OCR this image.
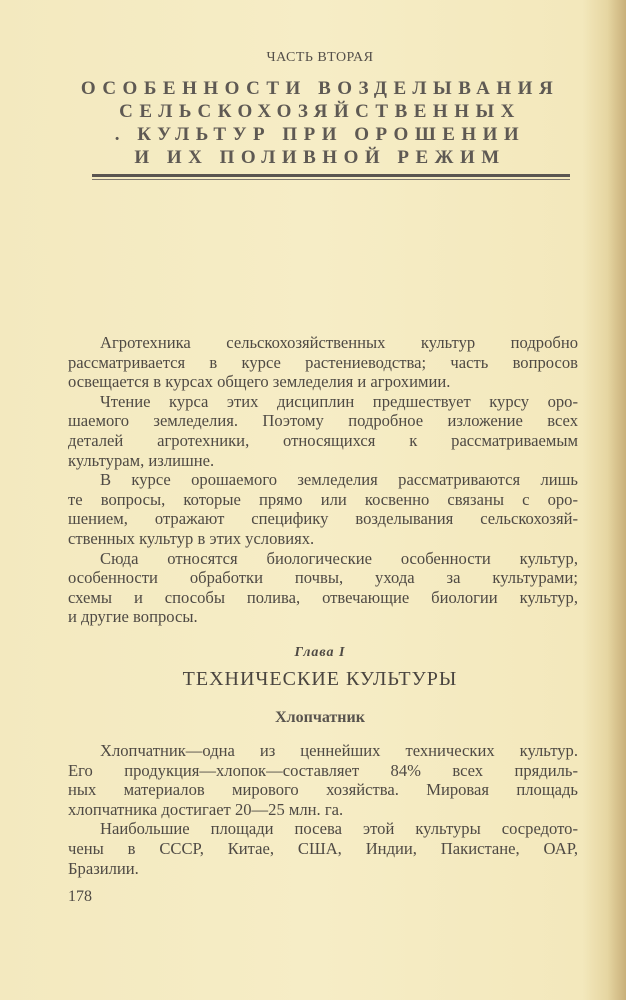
ЧАСТЬ ВТОРАЯ
ОСОБЕННОСТИ ВОЗДЕЛЫВАНИЯ
СЕЛЬСКОХОЗЯЙСТВЕННЫХ
. КУЛЬТУР ПРИ ОРОШЕНИИ
И ИХ ПОЛИВНОЙ РЕЖИМ
Агротехника сельскохозяйственных культур подробно
рассматривается в курсе растениеводства; часть вопросов
освещается в курсах общего земледелия и агрохимии.
Чтение курса этих дисциплин предшествует курсу оро-
шаемого земледелия. Поэтому подробное изложение всех
деталей агротехники, относящихся к рассматриваемым
культурам, излишне.
В курсе орошаемого земледелия рассматриваются лишь
те вопросы, которые прямо или косвенно связаны с оро-
шением, отражают специфику возделывания сельскохозяй-
ственных культур в этих условиях.
Сюда относятся биологические особенности культур,
особенности обработки почвы, ухода за культурами;
схемы и способы полива, отвечающие биологии культур,
и другие вопросы.
Глава I
ТЕХНИЧЕСКИЕ КУЛЬТУРЫ
Хлопчатник
Хлопчатник—одна из ценнейших технических культур.
Его продукция—хлопок—составляет 84% всех прядиль-
ных материалов мирового хозяйства. Мировая площадь
хлопчатника достигает 20—25 млн. га.
Наибольшие площади посева этой культуры сосредото-
чены в СССР, Китае, США, Индии, Пакистане, ОАР,
Бразилии.
178
